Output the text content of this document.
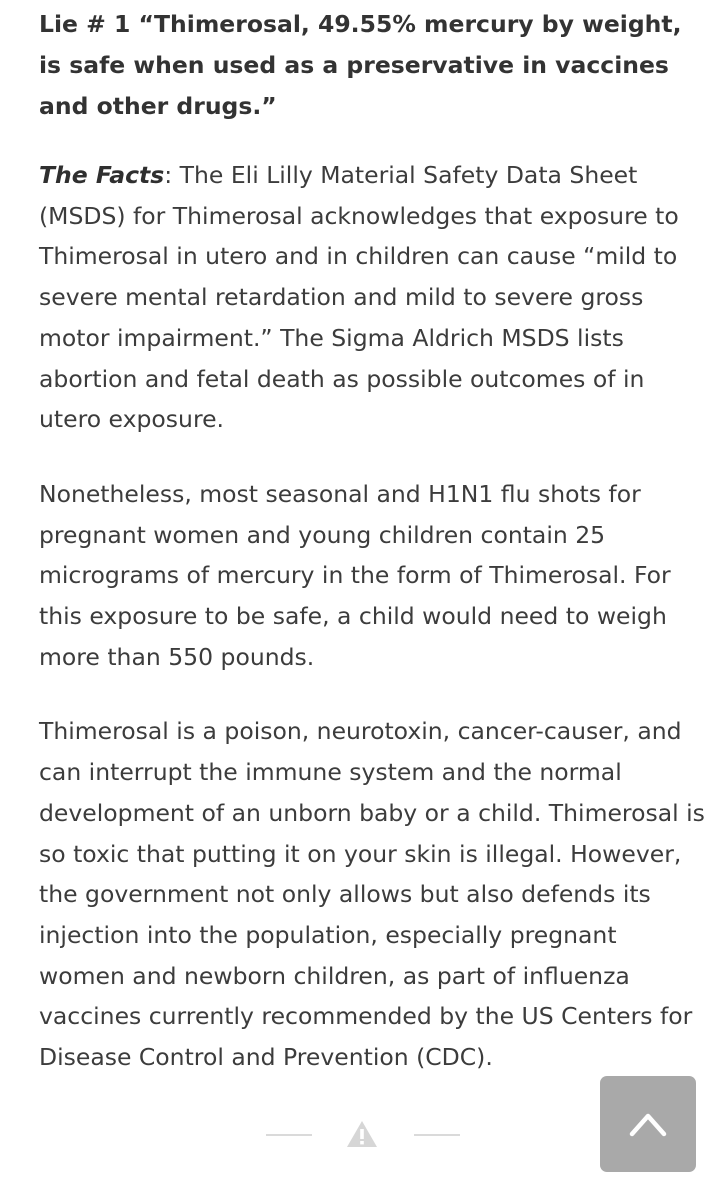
Lie # 1 “Thimerosal, 49.55% mercury by weight, is safe when used as a preservative in vaccines and other drugs.”

The Facts: The Eli Lilly Material Safety Data Sheet (MSDS) for Thimerosal acknowledges that exposure to Thimerosal in utero and in children can cause “mild to severe mental retardation and mild to severe gross motor impairment.” The Sigma Aldrich MSDS lists abortion and fetal death as possible outcomes of in utero exposure.

Nonetheless, most seasonal and H1N1 flu shots for pregnant women and young children contain 25 micrograms of mercury in the form of Thimerosal. For this exposure to be safe, a child would need to weigh more than 550 pounds.

Thimerosal is a poison, neurotoxin, cancer-causer, and can interrupt the immune system and the normal development of an unborn baby or a child. Thimerosal is so toxic that putting it on your skin is illegal. However, the government not only allows but also defends its injection into the population, especially pregnant women and newborn children, as part of influenza vaccines currently recommended by the US Centers for Disease Control and Prevention (CDC).
